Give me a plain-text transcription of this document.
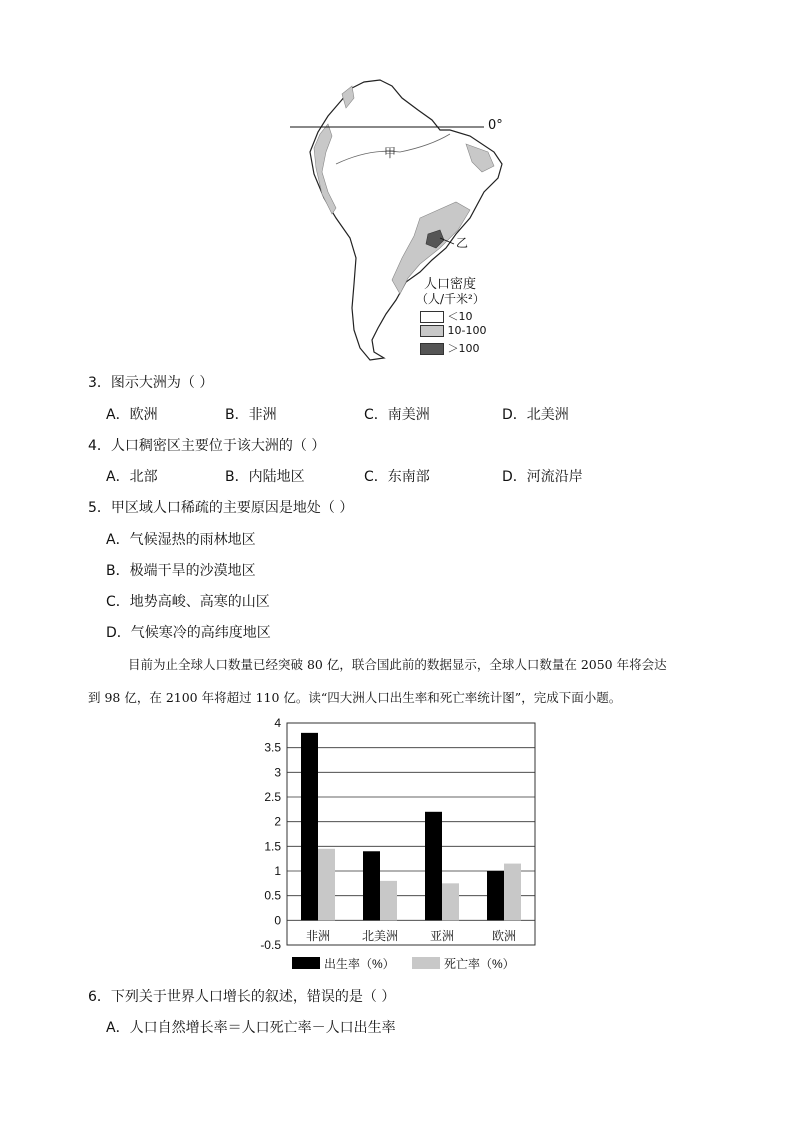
0°
甲
乙
人口密度
（人/千米²）
＜10
10-100
＞100
3．图示大洲为（ ）
A．欧洲	B．非洲	C．南美洲	D．北美洲
4．人口稠密区主要位于该大洲的（ ）
A．北部	B．内陆地区	C．东南部	D．河流沿岸
5．甲区域人口稀疏的主要原因是地处（ ）
A．气候湿热的雨林地区
B．极端干旱的沙漠地区
C．地势高峻、高寒的山区
D．气候寒冷的高纬度地区
目前为止全球人口数量已经突破 80 亿，联合国此前的数据显示，全球人口数量在 2050 年将会达
到 98 亿，在 2100 年将超过 110 亿。读“四大洲人口出生率和死亡率统计图”，完成下面小题。
4
3.5
3
2.5
2
1.5
1
0.5
0
-0.5
非洲	北美洲	亚洲	欧洲
出生率（%）	死亡率（%）
6．下列关于世界人口增长的叙述，错误的是（ ）
A．人口自然增长率＝人口死亡率－人口出生率
